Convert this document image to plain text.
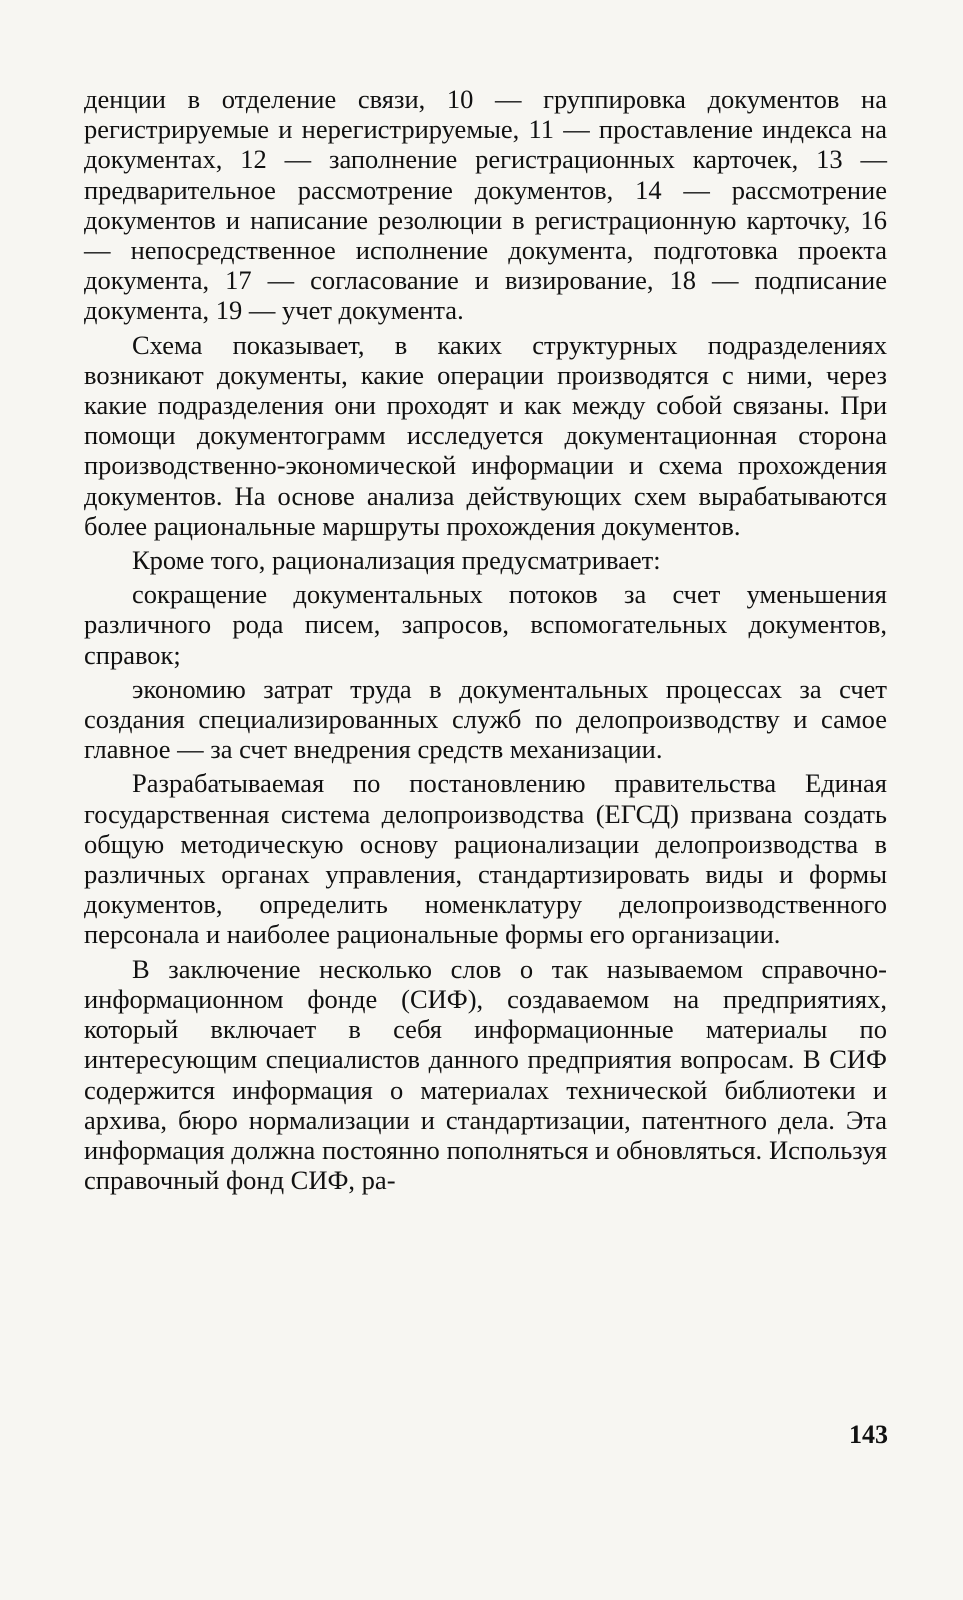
денции в отделение связи, 10 — группировка документов на регистрируемые и нерегистрируемые, 11 — проставление индекса на документах, 12 — заполнение регистрационных карточек, 13 — предварительное рассмотрение документов, 14 — рассмотрение документов и написание резолюции в регистрационную карточку, 16 — непосредственное исполнение документа, подготовка проекта документа, 17 — согласование и визирование, 18 — подписание документа, 19 — учет документа.

Схема показывает, в каких структурных подразделениях возникают документы, какие операции производятся с ними, через какие подразделения они проходят и как между собой связаны. При помощи документограмм исследуется документационная сторона производственно-экономической информации и схема прохождения документов. На основе анализа действующих схем вырабатываются более рациональные маршруты прохождения документов.

Кроме того, рационализация предусматривает:

сокращение документальных потоков за счет уменьшения различного рода писем, запросов, вспомогательных документов, справок;

экономию затрат труда в документальных процессах за счет создания специализированных служб по делопроизводству и самое главное — за счет внедрения средств механизации.

Разрабатываемая по постановлению правительства Единая государственная система делопроизводства (ЕГСД) призвана создать общую методическую основу рационализации делопроизводства в различных органах управления, стандартизировать виды и формы документов, определить номенклатуру делопроизводственного персонала и наиболее рациональные формы его организации.

В заключение несколько слов о так называемом справочно-информационном фонде (СИФ), создаваемом на предприятиях, который включает в себя информационные материалы по интересующим специалистов данного предприятия вопросам. В СИФ содержится информация о материалах технической библиотеки и архива, бюро нормализации и стандартизации, патентного дела. Эта информация должна постоянно пополняться и обновляться. Используя справочный фонд СИФ, ра-

143
